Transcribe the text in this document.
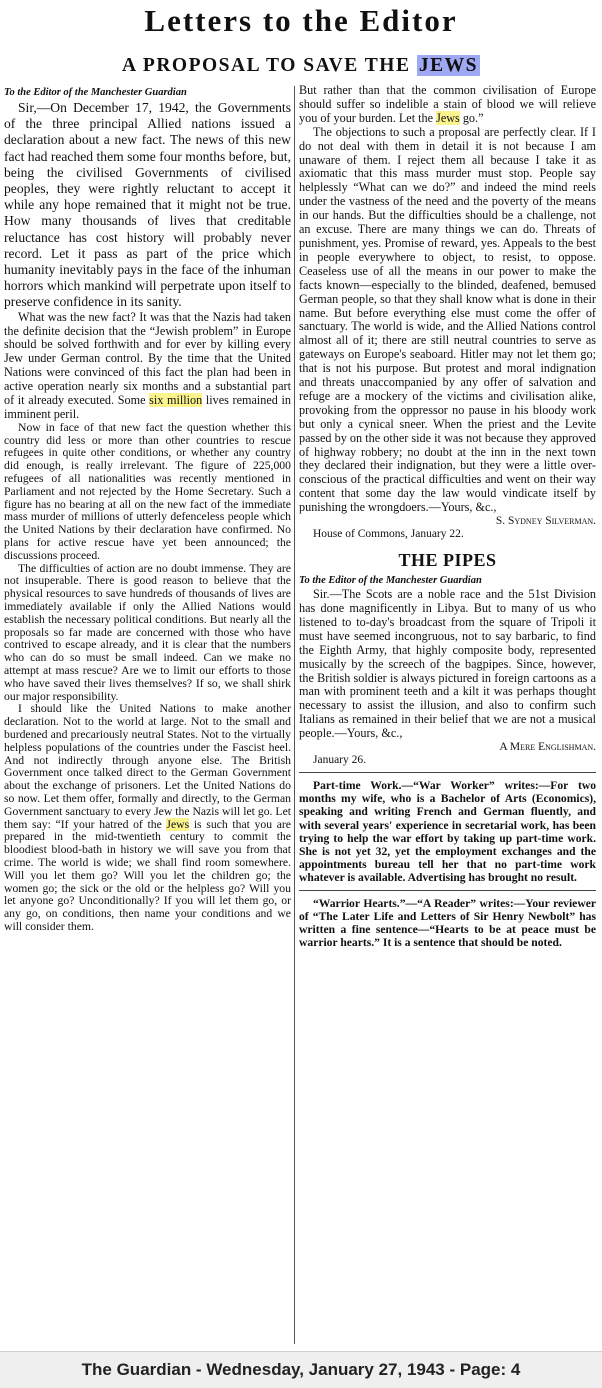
Letters to the Editor
A PROPOSAL TO SAVE THE JEWS

To the Editor of the Manchester Guardian

Sir,—On December 17, 1942, the Governments of the three principal Allied nations issued a declaration about a new fact. The news of this new fact had reached them some four months before, but, being the civilised Governments of civilised peoples, they were rightly reluctant to accept it while any hope remained that it might not be true. How many thousands of lives that creditable reluctance has cost history will probably never record. Let it pass as part of the price which humanity inevitably pays in the face of the inhuman horrors which mankind will perpetrate upon itself to preserve confidence in its sanity.

What was the new fact? It was that the Nazis had taken the definite decision that the “Jewish problem” in Europe should be solved forthwith and for ever by killing every Jew under German control. By the time that the United Nations were convinced of this fact the plan had been in active operation nearly six months and a substantial part of it already executed. Some six million lives remained in imminent peril.

Now in face of that new fact the question whether this country did less or more than other countries to rescue refugees in quite other conditions, or whether any country did enough, is really irrelevant. The figure of 225,000 refugees of all nationalities was recently mentioned in Parliament and not rejected by the Home Secretary. Such a figure has no bearing at all on the new fact of the immediate mass murder of millions of utterly defenceless people which the United Nations by their declaration have confirmed. No plans for active rescue have yet been announced; the discussions proceed.

The difficulties of action are no doubt immense. They are not insuperable. There is good reason to believe that the physical resources to save hundreds of thousands of lives are immediately available if only the Allied Nations would establish the necessary political conditions. But nearly all the proposals so far made are concerned with those who have contrived to escape already, and it is clear that the numbers who can do so must be small indeed. Can we make no attempt at mass rescue? Are we to limit our efforts to those who have saved their lives themselves? If so, we shall shirk our major responsibility.

I should like the United Nations to make another declaration. Not to the world at large. Not to the small and burdened and precariously neutral States. Not to the virtually helpless populations of the countries under the Fascist heel. And not indirectly through anyone else. The British Government once talked direct to the German Government about the exchange of prisoners. Let the United Nations do so now. Let them offer, formally and directly, to the German Government sanctuary to every Jew the Nazis will let go. Let them say: “If your hatred of the Jews is such that you are prepared in the mid-twentieth century to commit the bloodiest blood-bath in history we will save you from that crime. The world is wide; we shall find room somewhere. Will you let them go? Will you let the children go; the women go; the sick or the old or the helpless go? Will you let anyone go? Unconditionally? If you will let them go, or any go, on conditions, then name your conditions and we will consider them.

But rather than that the common civilisation of Europe should suffer so indelible a stain of blood we will relieve you of your burden. Let the Jews go.”

The objections to such a proposal are perfectly clear. If I do not deal with them in detail it is not because I am unaware of them. I reject them all because I take it as axiomatic that this mass murder must stop. People say helplessly “What can we do?” and indeed the mind reels under the vastness of the need and the poverty of the means in our hands. But the difficulties should be a challenge, not an excuse. There are many things we can do. Threats of punishment, yes. Promise of reward, yes. Appeals to the best in people everywhere to object, to resist, to oppose. Ceaseless use of all the means in our power to make the facts known—especially to the blinded, deafened, bemused German people, so that they shall know what is done in their name. But before everything else must come the offer of sanctuary. The world is wide, and the Allied Nations control almost all of it; there are still neutral countries to serve as gateways on Europe's seaboard. Hitler may not let them go; that is not his purpose. But protest and moral indignation and threats unaccompanied by any offer of salvation and refuge are a mockery of the victims and civilisation alike, provoking from the oppressor no pause in his bloody work but only a cynical sneer. When the priest and the Levite passed by on the other side it was not because they approved of highway robbery; no doubt at the inn in the next town they declared their indignation, but they were a little over-conscious of the practical difficulties and went on their way content that some day the law would vindicate itself by punishing the wrongdoers.—Yours, &c.,

S. Sydney Silverman.

House of Commons, January 22.

THE PIPES

To the Editor of the Manchester Guardian

Sir.—The Scots are a noble race and the 51st Division has done magnificently in Libya. But to many of us who listened to to-day's broadcast from the square of Tripoli it must have seemed incongruous, not to say barbaric, to find the Eighth Army, that highly composite body, represented musically by the screech of the bagpipes. Since, however, the British soldier is always pictured in foreign cartoons as a man with prominent teeth and a kilt it was perhaps thought necessary to assist the illusion, and also to confirm such Italians as remained in their belief that we are not a musical people.—Yours, &c.,

A Mere Englishman.

January 26.

Part-time Work.—“War Worker” writes:—For two months my wife, who is a Bachelor of Arts (Economics), speaking and writing French and German fluently, and with several years' experience in secretarial work, has been trying to help the war effort by taking up part-time work. She is not yet 32, yet the employment exchanges and the appointments bureau tell her that no part-time work whatever is available. Advertising has brought no result.

“Warrior Hearts.”—“A Reader” writes:—Your reviewer of “The Later Life and Letters of Sir Henry Newbolt” has written a fine sentence—“Hearts to be at peace must be warrior hearts.” It is a sentence that should be noted.

The Guardian - Wednesday, January 27, 1943 - Page: 4
